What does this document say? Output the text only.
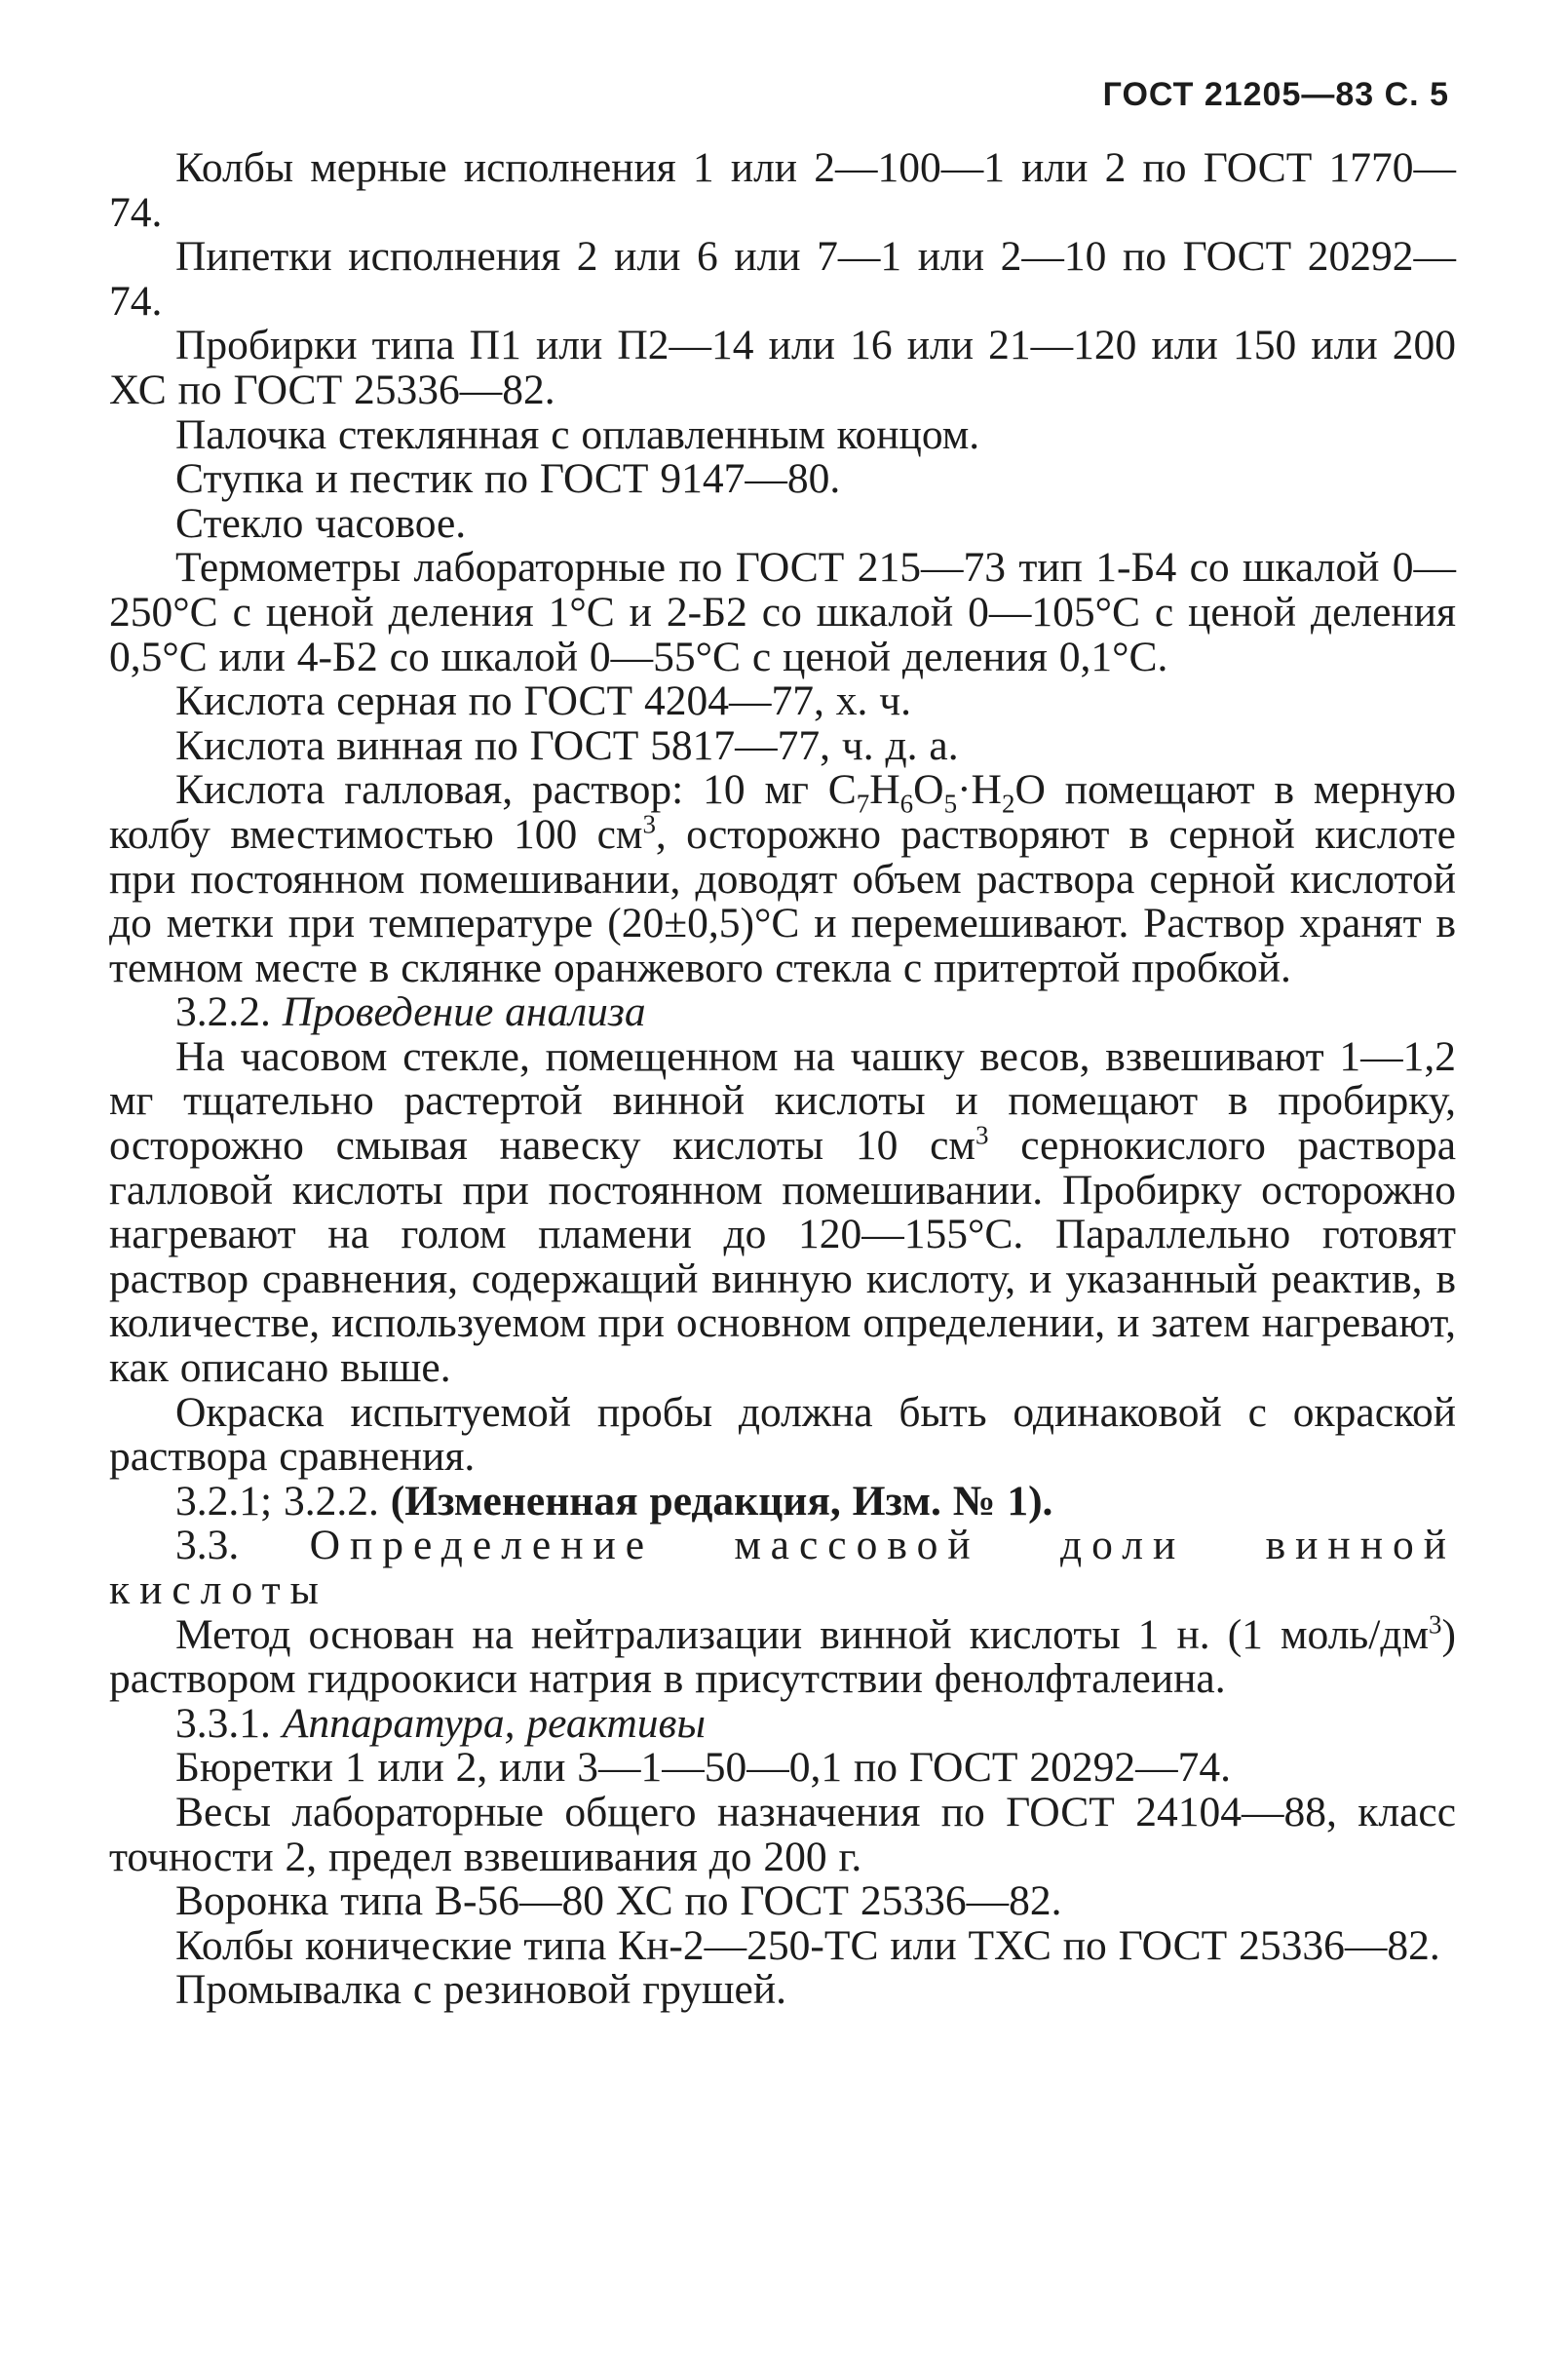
ГОСТ 21205—83 С. 5

Колбы мерные исполнения 1 или 2—100—1 или 2 по ГОСТ 1770—74.

Пипетки исполнения 2 или 6 или 7—1 или 2—10 по ГОСТ 20292—74.

Пробирки типа П1 или П2—14 или 16 или 21—120 или 150 или 200 ХС по ГОСТ 25336—82.

Палочка стеклянная с оплавленным концом.

Ступка и пестик по ГОСТ 9147—80.

Стекло часовое.

Термометры лабораторные по ГОСТ 215—73 тип 1-Б4 со шкалой 0—250°С с ценой деления 1°С и 2-Б2 со шкалой 0—105°С с ценой деления 0,5°С или 4-Б2 со шкалой 0—55°С с ценой деления 0,1°С.

Кислота серная по ГОСТ 4204—77, х. ч.

Кислота винная по ГОСТ 5817—77, ч. д. а.

Кислота галловая, раствор: 10 мг $C_7H_6O_5\cdot H_2O$ помещают в мерную колбу вместимостью 100 $см^3$, осторожно растворяют в серной кислоте при постоянном помешивании, доводят объем раствора серной кислотой до метки при температуре (20±0,5)°С и перемешивают. Раствор хранят в темном месте в склянке оранжевого стекла с притертой пробкой.

3.2.2. Проведение анализа

На часовом стекле, помещенном на чашку весов, взвешивают 1—1,2 мг тщательно растертой винной кислоты и помещают в пробирку, осторожно смывая навеску кислоты 10 $см^3$ сернокислого раствора галловой кислоты при постоянном помешивании. Пробирку осторожно нагревают на голом пламени до 120—155°С. Параллельно готовят раствор сравнения, содержащий винную кислоту, и указанный реактив, в количестве, используемом при основном определении, и затем нагревают, как описано выше.

Окраска испытуемой пробы должна быть одинаковой с окраской раствора сравнения.

3.2.1; 3.2.2. (Измененная редакция, Изм. № 1).

3.3. Определение массовой доли винной кислоты

Метод основан на нейтрализации винной кислоты 1 н. (1 моль/$дм^3$) раствором гидроокиси натрия в присутствии фенолфталеина.

3.3.1. Аппаратура, реактивы

Бюретки 1 или 2, или 3—1—50—0,1 по ГОСТ 20292—74.

Весы лабораторные общего назначения по ГОСТ 24104—88, класс точности 2, предел взвешивания до 200 г.

Воронка типа В-56—80 ХС по ГОСТ 25336—82.

Колбы конические типа Кн-2—250-ТС или ТХС по ГОСТ 25336—82.

Промывалка с резиновой грушей.
